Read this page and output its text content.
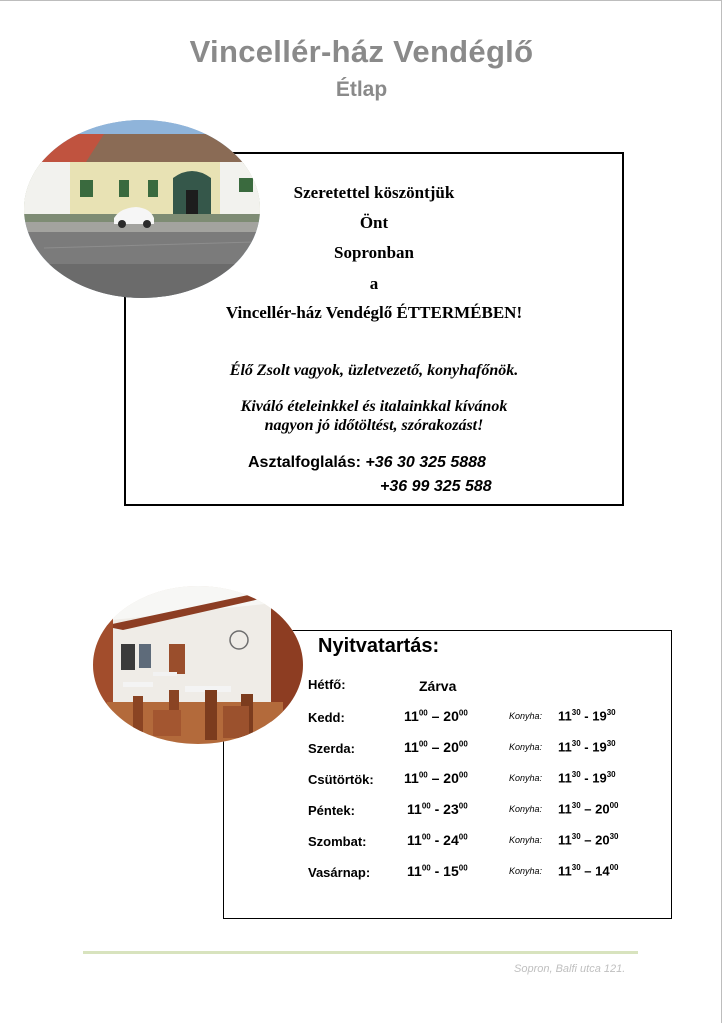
Vincellér-ház Vendéglő
Étlap
Szeretettel köszöntjük
Önt
Sopronban
a
Vincellér-ház Vendéglő ÉTTERMÉBEN!
Élő Zsolt vagyok, üzletvezető, konyhafőnök.
Kiváló ételeinkkel és italainkkal kívánok
nagyon jó időtöltést, szórakozást!
Asztalfoglalás: +36 30 325 5888
+36 99 325 588
Nyitvatartás:
Hétfő:	Zárva
Kedd:	$11^{00} - 20^{00}$	Konyha: $11^{30} - 19^{30}$
Szerda:	$11^{00} - 20^{00}$	Konyha: $11^{30} - 19^{30}$
Csütörtök: $11^{00} - 20^{00}$	Konyha: $11^{30} - 19^{30}$
Péntek:	$11^{00} - 23^{00}$	Konyha: $11^{30} - 20^{00}$
Szombat:	$11^{00} - 24^{00}$	Konyha: $11^{30} - 20^{30}$
Vasárnap:	$11^{00} - 15^{00}$	Konyha: $11^{30} - 14^{00}$
Sopron, Balfi utca 121.
